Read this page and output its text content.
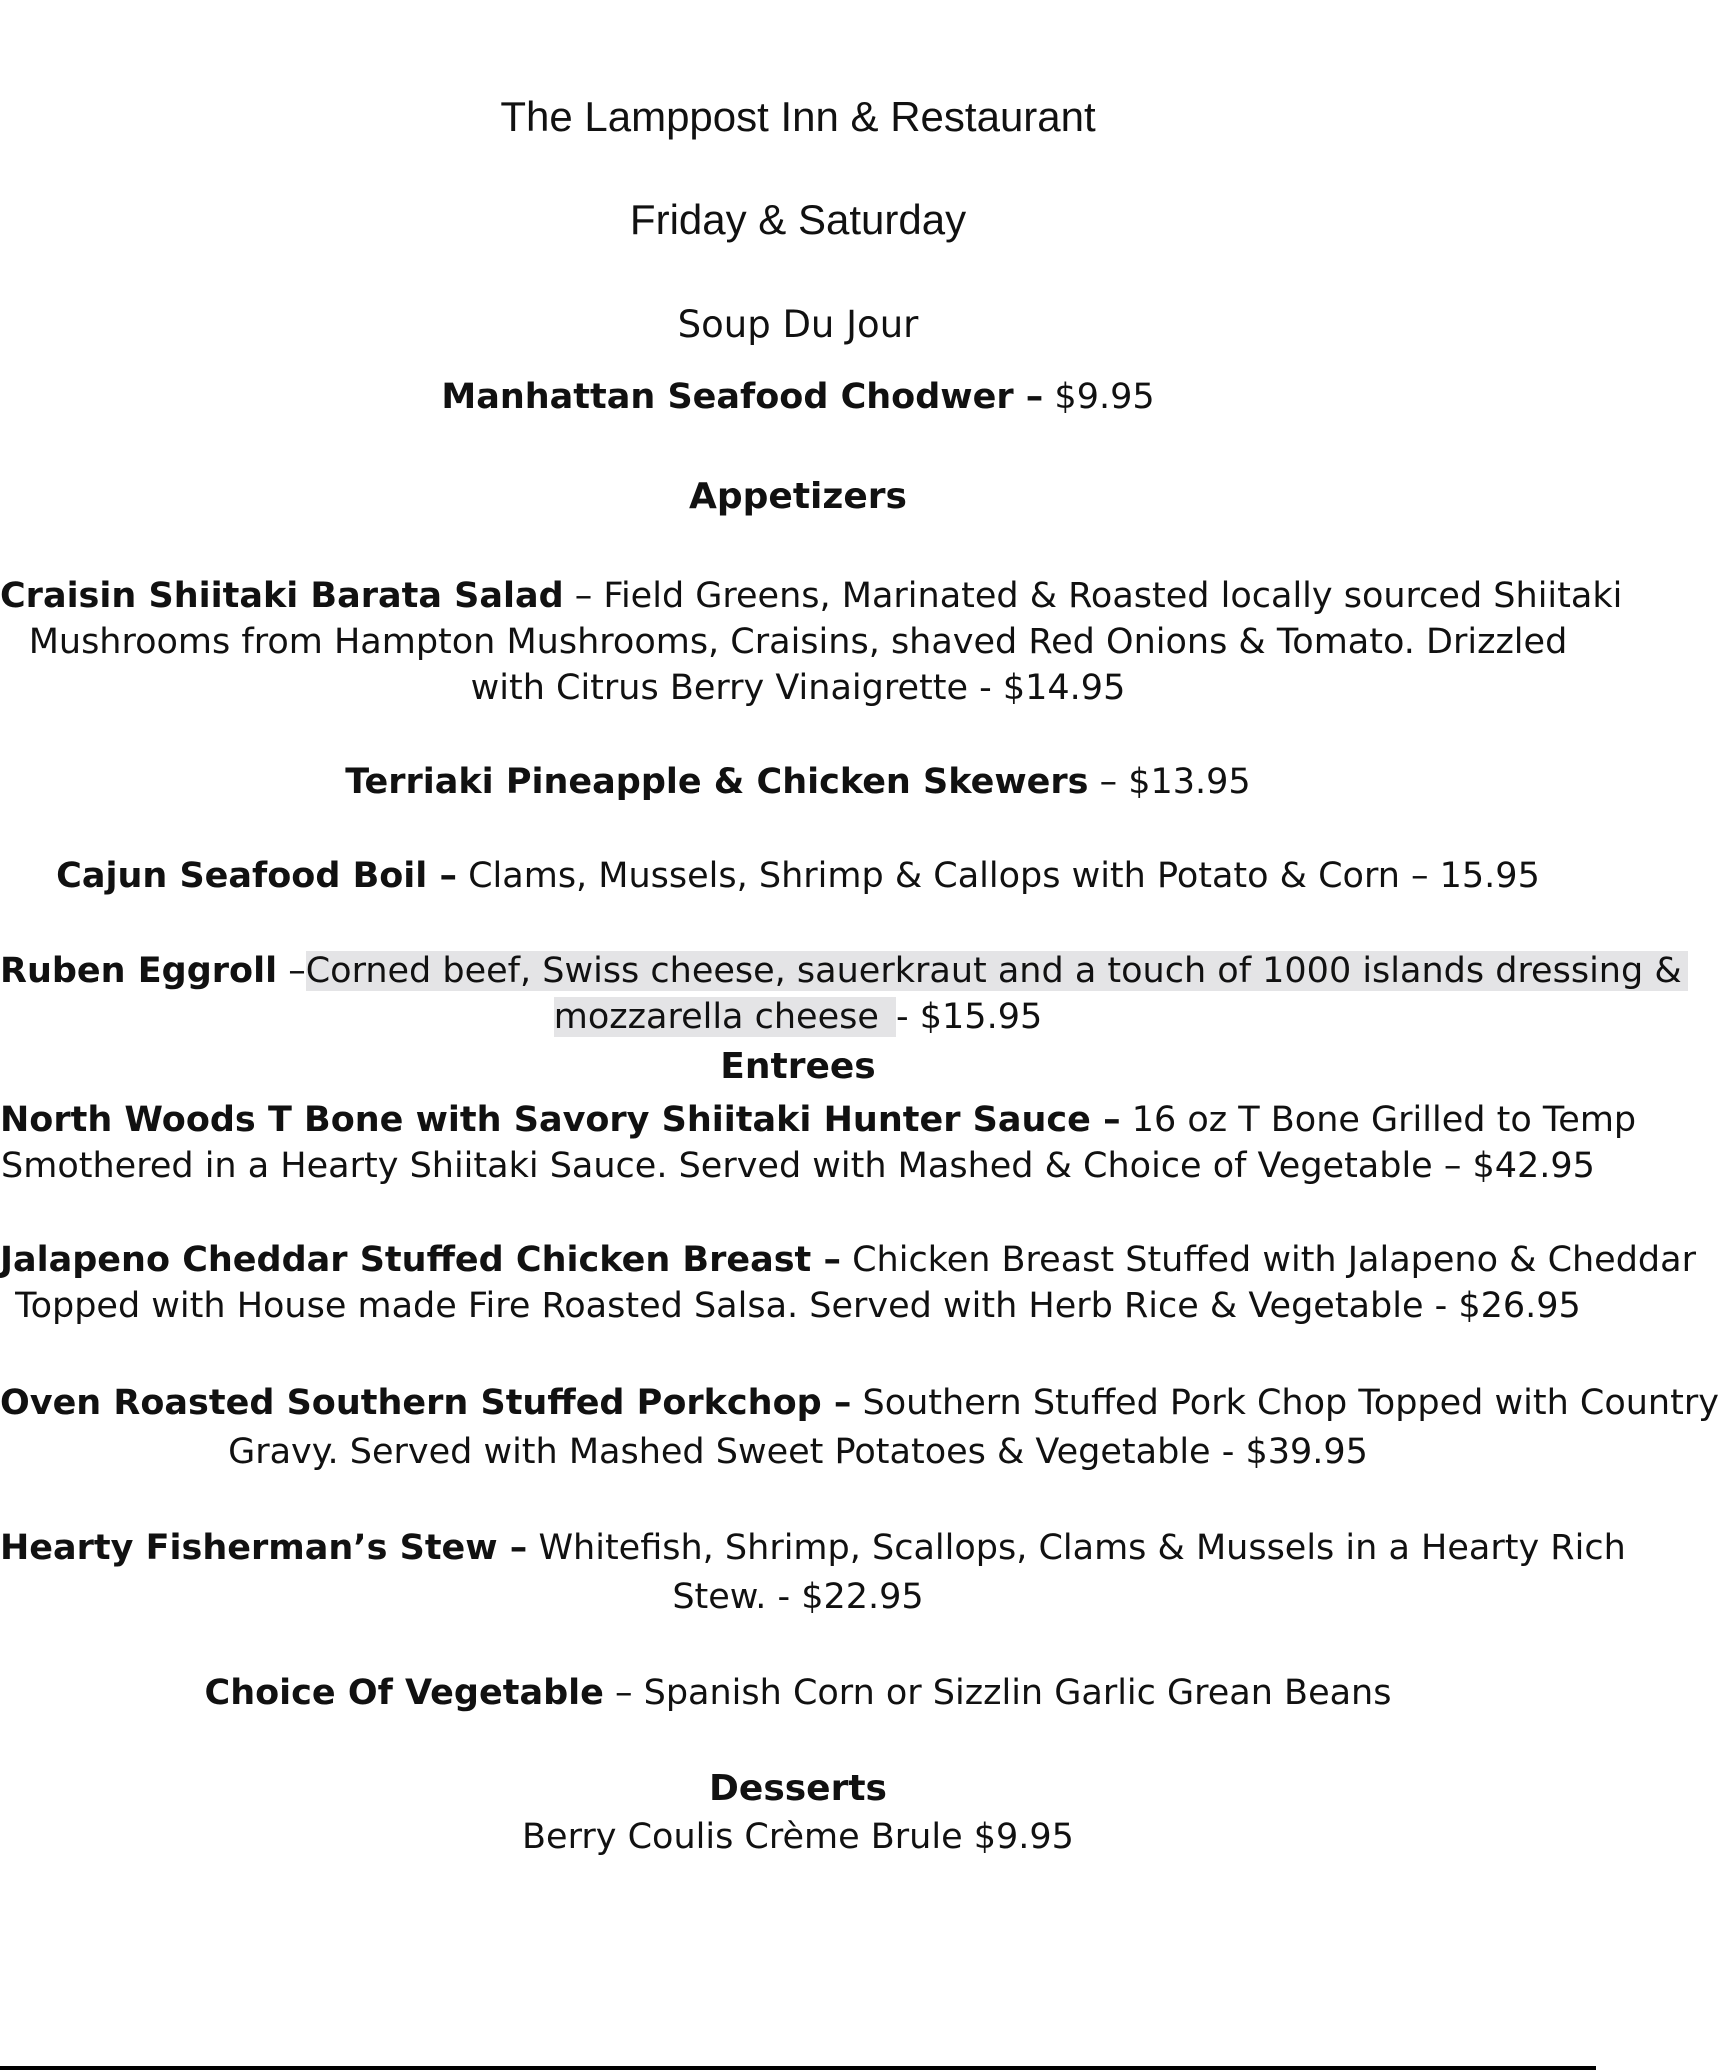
The Lamppost Inn & Restaurant
Friday & Saturday
Soup Du Jour
Manhattan Seafood Chodwer – $9.95
Appetizers
Craisin Shiitaki Barata Salad – Field Greens, Marinated & Roasted locally sourced Shiitaki
Mushrooms from Hampton Mushrooms, Craisins, shaved Red Onions & Tomato. Drizzled
with Citrus Berry Vinaigrette - $14.95
Terriaki Pineapple & Chicken Skewers – $13.95
Cajun Seafood Boil – Clams, Mussels, Shrimp & Callops with Potato & Corn – 15.95
Ruben Eggroll –Corned beef, Swiss cheese, sauerkraut and a touch of 1000 islands dressing &
mozzarella cheese - $15.95
Entrees
North Woods T Bone with Savory Shiitaki Hunter Sauce – 16 oz T Bone Grilled to Temp
Smothered in a Hearty Shiitaki Sauce. Served with Mashed & Choice of Vegetable – $42.95
Jalapeno Cheddar Stuffed Chicken Breast – Chicken Breast Stuffed with Jalapeno & Cheddar
Topped with House made Fire Roasted Salsa. Served with Herb Rice & Vegetable - $26.95
Oven Roasted Southern Stuffed Porkchop – Southern Stuffed Pork Chop Topped with Country
Gravy. Served with Mashed Sweet Potatoes & Vegetable - $39.95
Hearty Fisherman’s Stew – Whitefish, Shrimp, Scallops, Clams & Mussels in a Hearty Rich
Stew. - $22.95
Choice Of Vegetable – Spanish Corn or Sizzlin Garlic Grean Beans
Desserts
Berry Coulis Crème Brule $9.95
